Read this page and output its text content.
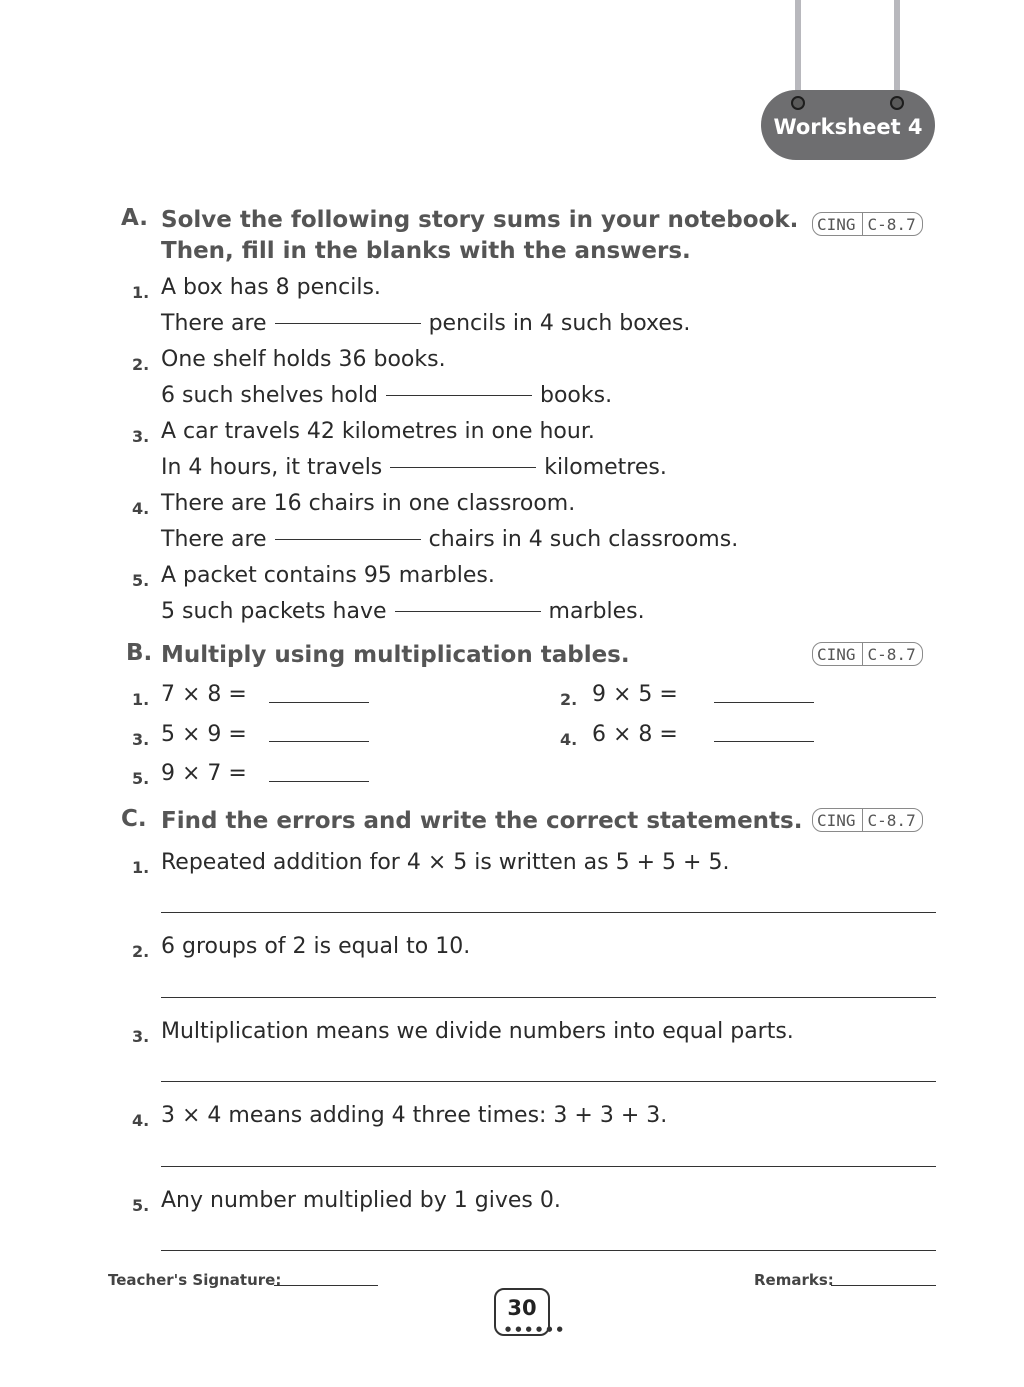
Worksheet 4
A. Solve the following story sums in your notebook.
Then, fill in the blanks with the answers.
CING C-8.7
1. A box has 8 pencils.
There are	pencils in 4 such boxes.
2. One shelf holds 36 books.
6 such shelves hold	books.
3. A car travels 42 kilometres in one hour.
In 4 hours, it travels	kilometres.
4. There are 16 chairs in one classroom.
There are	chairs in 4 such classrooms.
5. A packet contains 95 marbles.
5 such packets have	marbles.
B. Multiply using multiplication tables.	CING C-8.7
1. 7 × 8 =	2. 9 × 5 =
3. 5 × 9 =	4. 6 × 8 =
5. 9 × 7 =
C. Find the errors and write the correct statements. CING C-8.7
1. Repeated addition for 4 × 5 is written as 5 + 5 + 5.
2. 6 groups of 2 is equal to 10.
3. Multiplication means we divide numbers into equal parts.
4. 3 × 4 means adding 4 three times: 3 + 3 + 3.
5. Any number multiplied by 1 gives 0.
Teacher's Signature:	Remarks:
30
● ● ● ● ● ●
